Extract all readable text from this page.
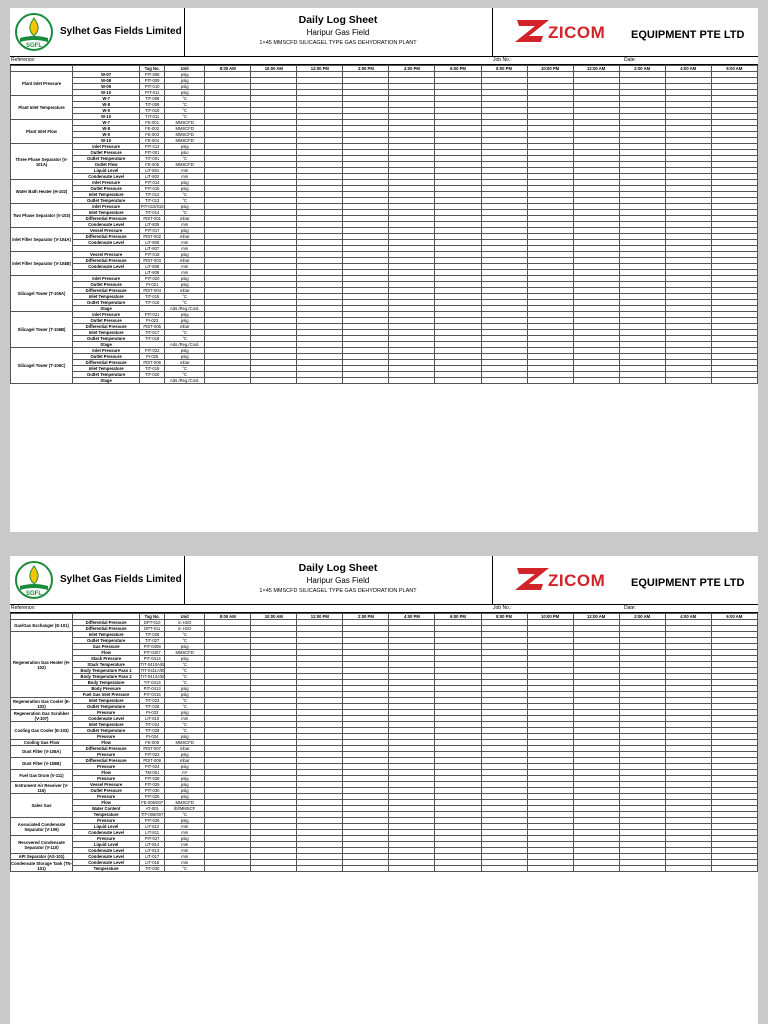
SGFL
Sylhet Gas Fields Limited
Daily Log Sheet
Haripur Gas Field
1×45 MMSCFD SILICAGEL TYPE GAS DEHYDRATION PLANT
ZICOM EQUIPMENT PTE LTD
Reference:	Job No.:	Date:
		Tag No.	Unit	8:00 AM	10:00 AM	12:00 PM	2:00 PM	4:00 PM	6:00 PM	8:00 PM	10:00 PM	12:00 AM	2:00 AM	4:00 AM	6:00 AM
Plant Inlet Pressure	W-07	PIT-008	psig												
	W-08	PIT-009	psig												
	W-09	PIT-010	psig												
	W-10	PIT-011	psig												
Plant Inlet Temperature	W-7	TIT-008	°C												
	W-8	TIT-009	°C												
	W-9	TIT-010	°C												
	W-10	TIT-011	°C												
Plant Inlet Flow	W-7	FE-001	MMSCFD												
	W-8	FE-002	MMSCFD												
	W-9	FE-003	MMSCFD												
	W-10	FE-004	MMSCFD												
Three Phase Separator (V-101A)	Inlet Pressure	PIT-012	psig												
	Outlet Pressure	PIT-001	psio												
	Outlet Temperature	TIT-001	°C												
	Outlet Flow	FE-005	MMSCFD												
	Liquid Level	LIT-801	mm												
	Condensate Level	LIT-802	mm												
Water Bath Heater (H-102)	Inlet Pressure	PIT-014	psig												
	Outlet Pressure	PIT-015	psig												
	Inlet Temperature	TIT-012	°C												
	Outlet Temperature	TIT-013	°C												
Two Phase Separator (V-103)	Inlet Pressure	PIT-015/016	psig												
	Inlet Temperature	TIT-014	°C												
	Differential Pressure	PDIT-001	mbar												
	Condensate Level	LIT-805	mm												
Inlet Filter Separator (V-104A)	Vessel Pressure	PIT-017	psig												
	Differential Pressure	PDIT-002	mbar												
	Condensate Level	LIT-806	mm												
		LIT-807	mm												
Inlet Filter Separator (V-104B)	Vessel Pressure	PIT-018	psig												
	Differential Pressure	PDIT-003	mbar												
	Condensate Level	LIT-808	mm												
		LIT-809	mm												
Silicagel Tower (T-106A)	Inlet Pressure	PIT-020	psig												
	Outlet Pressure	PI-021	psig												
	Differential Pressure	PDIT-004	mbar												
	Inlet Temperature	TIT-015	°C												
	Outlet Temperature	TIT-016	°C												
	Stage		Ads./Reg./Cool.												
Silicagel Tower (T-106B)	Inlet Pressure	PIT-021	psig												
	Outlet Pressure	PI-023	psig												
	Differential Pressure	PDIT-005	mbar												
	Inlet Temperature	TIT-017	°C												
	Outlet Temperature	TIT-018	°C												
	Stage		Ads./Reg./Cool.												
Silicagel Tower (T-106C)	Inlet Pressure	PIT-022	psig												
	Outlet Pressure	PI-025	psig												
	Differential Pressure	PDIT-006	mbar												
	Inlet Temperature	TIT-019	°C												
	Outlet Temperature	TIT-020	°C												
	Stage		Ads./Reg./Cool.												
SGFL
Sylhet Gas Fields Limited
Daily Log Sheet
Haripur Gas Field
1×45 MMSCFD SILICAGEL TYPE GAS DEHYDRATION PLANT
ZICOM EQUIPMENT PTE LTD
Reference:	Job No.:	Date:
		Tag No.	Unit	8:00 AM	10:00 AM	12:00 PM	2:00 PM	4:00 PM	6:00 PM	8:00 PM	10:00 PM	12:00 AM	2:00 AM	4:00 AM	6:00 AM
Gas/Gas Exchanger (E-101)	Differential Pressure	DPT-010	in H2O												
	Differential Pressure	DPT-011	in H2O												
Regeneration Gas Heater (H-102)	Inlet Temperature	TIT-025	°C												
	Outlet Temperature	TIT-027	°C												
	Gas Pressure	PIT-0408	psig												
	Flow	PIT-0407	MMSCFD												
	Stack Pressure	PIT-0414	psig												
	Stack Temperature	TIT-0410A/B	°C												
	Body Temperature Pass 1	TIT-0411A/B	°C												
	Body Temperature Pass 2	TIT-0412A/B	°C												
	Body Temperature	TIT-0413	°C												
	Body Pressure	PIT-0413	psig												
	Fuel Gas Inlet Pressure	PIT-0416	psig												
Regeneration Gas Cooler (E-102)	Inlet Temperature	TIT-023	°C												
	Outlet Temperature	TIT-028	°C												
Regeneration Gas Scrubber (V-107)	Pressure	PI-033	psig												
	Condensate Level	LIT-810	mm												
Cooling Gas Cooler (E-103)	Inlet Temperature	TIT-024	°C												
	Outlet Temperature	TIT-029	°C												
	Pressure	PI-034	psig												
Cooling Gas Flow	Flow	FE-009	MMSCFD												
Dust Filter (V-108A)	Differential Pressure	PDIT-007	mbar												
	Pressure	PIT-023	psig												
Dust Filter (V-108B)	Differential Pressure	PDIT-008	mbar												
	Pressure	PIT-024	psig												
Fuel Gas Drum (V-111)	Flow	TM-001	m³												
	Pressure	PIT-028	psig												
Instrument Air Receiver (V-116)	Vessel Pressure	PIT-029	psig												
	Outlet Pressure	PIT-030	psig												
Sales Gas	Pressure	PIT-025	psig												
	Flow	FE-006/007	MMSCFD												
	Water Content	AT-001	lbf/MMSCF												
	Temperature	TIT-006/007	°C												
Associated Condensate Separator (V-109)	Pressure	PIT-026	psig												
	Liquid Level	LIT-812	mm												
	Condensate Level	LIT-811	mm												
Recovered Condensate Separator (V-110)	Pressure	PIT-027	psig												
	Liquid Level	LIT-814	mm												
	Condensate Level	LIT-813	mm												
API Separator (AS-101)	Condensate Level	LIT-017	mm												
Condensate Storage Tank (TN-101)	Condensate Level	LIT-016	mm												
	Temperature	TIT-030	°C												
